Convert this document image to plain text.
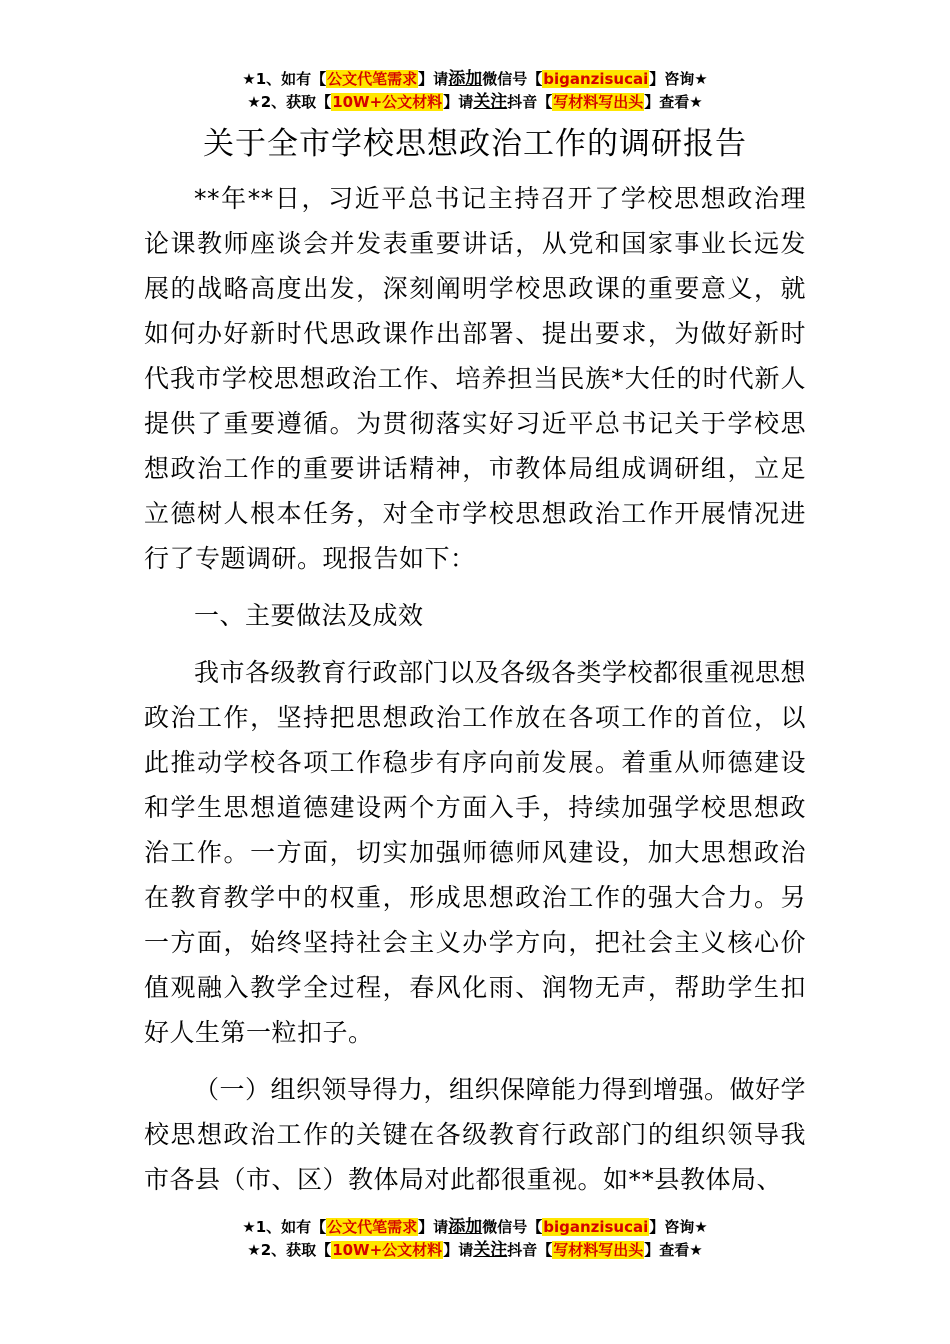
★1、如有【公文代笔需求】请添加微信号【biganzisucai】咨询★
★2、获取【10W+公文材料】请关注抖音【写材料写出头】查看★
关于全市学校思想政治工作的调研报告

**年**日，习近平总书记主持召开了学校思想政治理论课教师座谈会并发表重要讲话，从党和国家事业长远发展的战略高度出发，深刻阐明学校思政课的重要意义，就如何办好新时代思政课作出部署、提出要求，为做好新时代我市学校思想政治工作、培养担当民族*大任的时代新人提供了重要遵循。为贯彻落实好习近平总书记关于学校思想政治工作的重要讲话精神，市教体局组成调研组，立足立德树人根本任务，对全市学校思想政治工作开展情况进行了专题调研。现报告如下：

一、主要做法及成效

我市各级教育行政部门以及各级各类学校都很重视思想政治工作，坚持把思想政治工作放在各项工作的首位，以此推动学校各项工作稳步有序向前发展。着重从师德建设和学生思想道德建设两个方面入手，持续加强学校思想政治工作。一方面，切实加强师德师风建设，加大思想政治在教育教学中的权重，形成思想政治工作的强大合力。另一方面，始终坚持社会主义办学方向，把社会主义核心价值观融入教学全过程，春风化雨、润物无声，帮助学生扣好人生第一粒扣子。

（一）组织领导得力，组织保障能力得到增强。做好学校思想政治工作的关键在各级教育行政部门的组织领导我市各县（市、区）教体局对此都很重视。如**县教体局、

★1、如有【公文代笔需求】请添加微信号【biganzisucai】咨询★
★2、获取【10W+公文材料】请关注抖音【写材料写出头】查看★
